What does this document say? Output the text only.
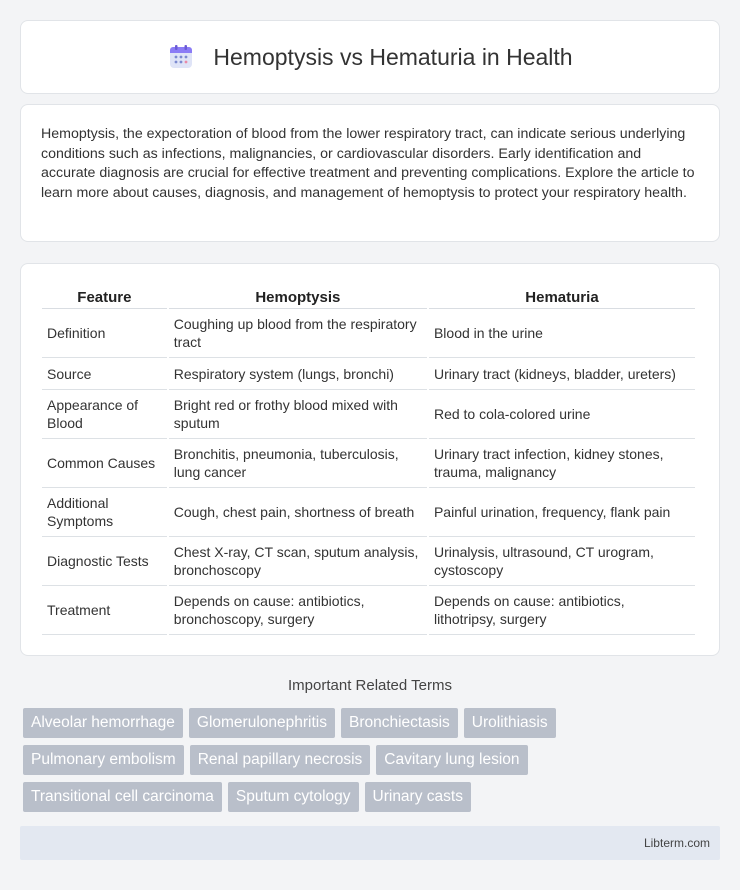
Hemoptysis vs Hematuria in Health

Hemoptysis, the expectoration of blood from the lower respiratory tract, can indicate serious underlying conditions such as infections, malignancies, or cardiovascular disorders. Early identification and accurate diagnosis are crucial for effective treatment and preventing complications. Explore the article to learn more about causes, diagnosis, and management of hemoptysis to protect your respiratory health.

Feature	Hemoptysis	Hematuria
Definition	Coughing up blood from the respiratory tract	Blood in the urine
Source	Respiratory system (lungs, bronchi)	Urinary tract (kidneys, bladder, ureters)
Appearance of Blood	Bright red or frothy blood mixed with sputum	Red to cola-colored urine
Common Causes	Bronchitis, pneumonia, tuberculosis, lung cancer	Urinary tract infection, kidney stones, trauma, malignancy
Additional Symptoms	Cough, chest pain, shortness of breath	Painful urination, frequency, flank pain
Diagnostic Tests	Chest X-ray, CT scan, sputum analysis, bronchoscopy	Urinalysis, ultrasound, CT urogram, cystoscopy
Treatment	Depends on cause: antibiotics, bronchoscopy, surgery	Depends on cause: antibiotics, lithotripsy, surgery
Important Related Terms
Alveolar hemorrhage	Glomerulonephritis	Bronchiectasis	Urolithiasis
Pulmonary embolism	Renal papillary necrosis	Cavitary lung lesion
Transitional cell carcinoma	Sputum cytology	Urinary casts
Libterm.com
